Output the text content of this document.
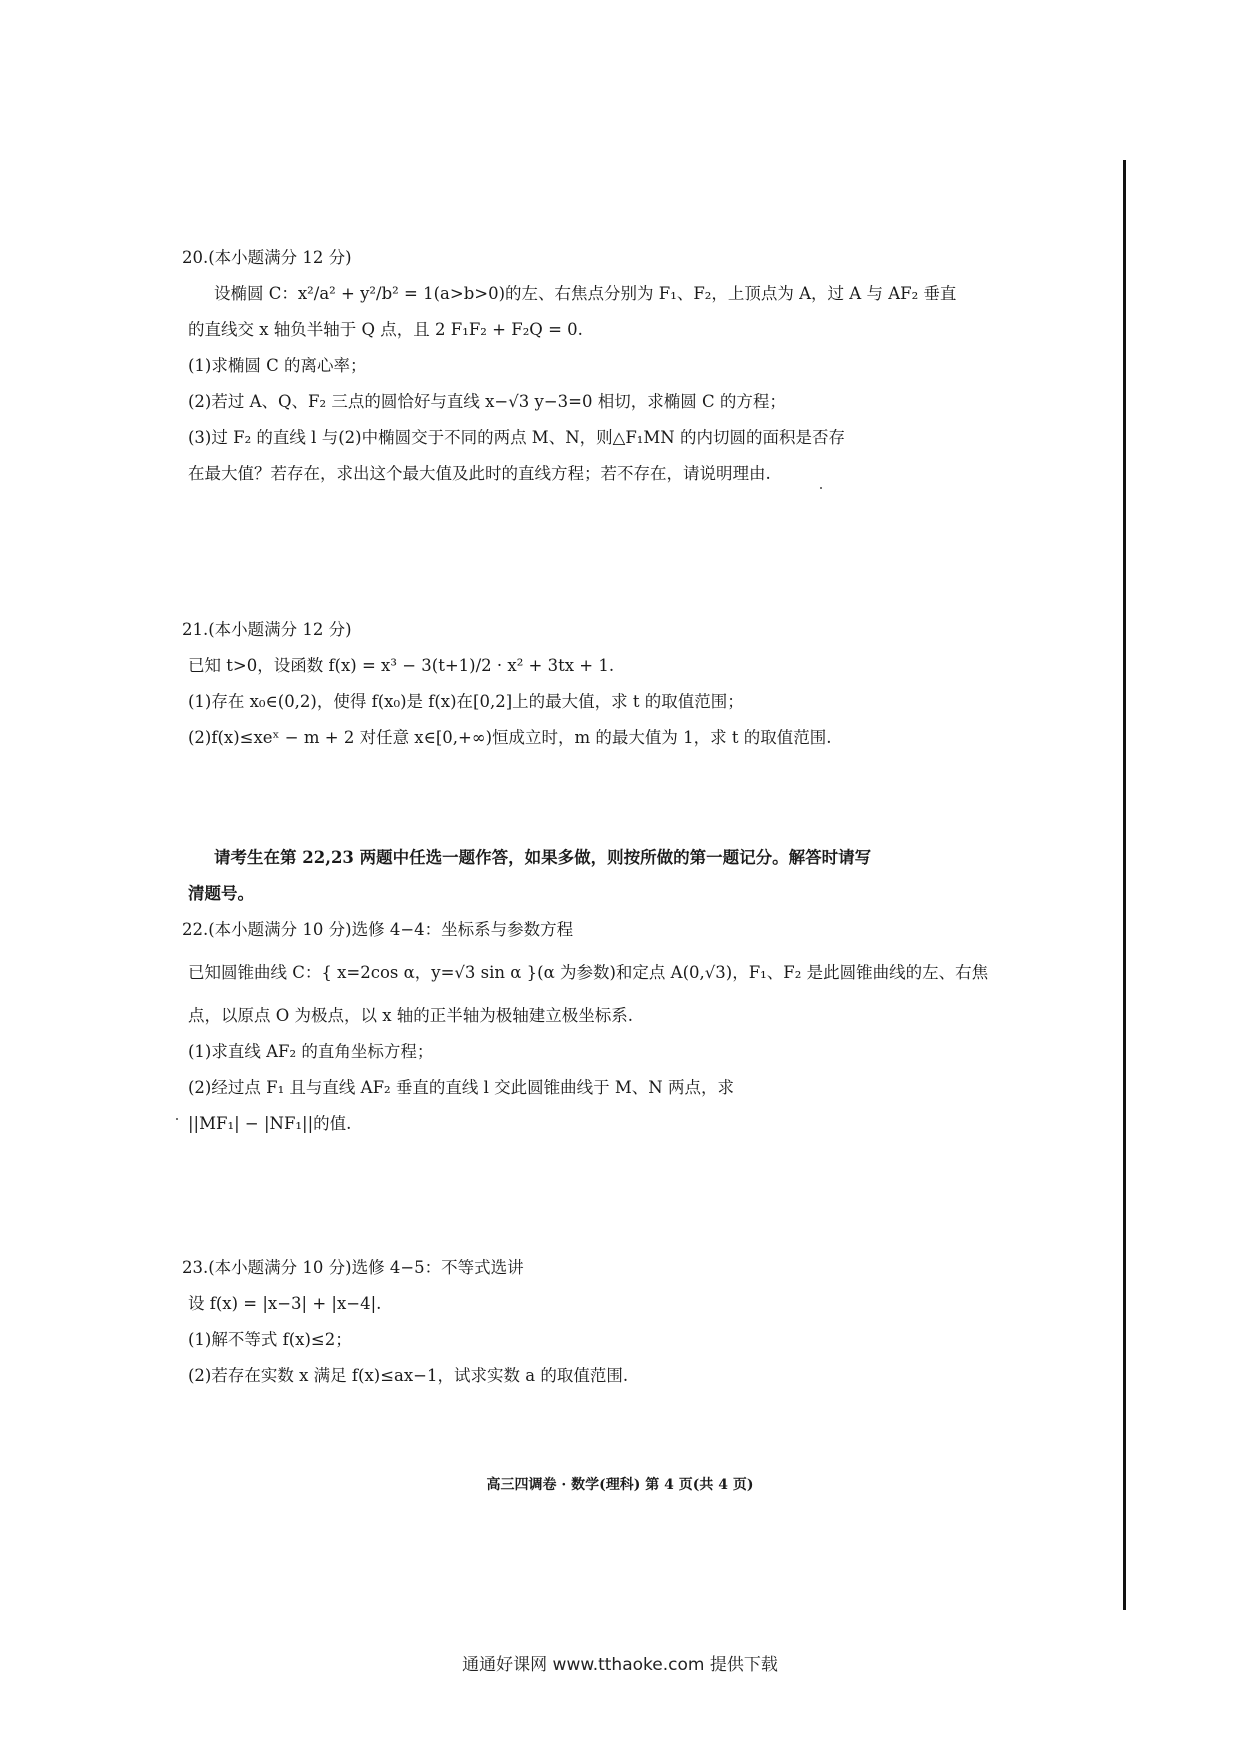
20.(本小题满分 12 分)

设椭圆 C：x²/a² + y²/b² = 1(a>b>0)的左、右焦点分别为 F₁、F₂，上顶点为 A，过 A 与 AF₂ 垂直

的直线交 x 轴负半轴于 Q 点，且 2 F₁F₂ + F₂Q = 0.

(1)求椭圆 C 的离心率；

(2)若过 A、Q、F₂ 三点的圆恰好与直线 x−√3 y−3=0 相切，求椭圆 C 的方程；

(3)过 F₂ 的直线 l 与(2)中椭圆交于不同的两点 M、N，则△F₁MN 的内切圆的面积是否存

在最大值？若存在，求出这个最大值及此时的直线方程；若不存在，请说明理由.

21.(本小题满分 12 分)

已知 t>0，设函数 f(x) = x³ − 3(t+1)/2 · x² + 3tx + 1.

(1)存在 x₀∈(0,2)，使得 f(x₀)是 f(x)在[0,2]上的最大值，求 t 的取值范围；

(2)f(x)≤xeˣ − m + 2 对任意 x∈[0,+∞)恒成立时，m 的最大值为 1，求 t 的取值范围.

请考生在第 22,23 两题中任选一题作答，如果多做，则按所做的第一题记分。解答时请写

清题号。

22.(本小题满分 10 分)选修 4−4：坐标系与参数方程

已知圆锥曲线 C：{ x=2cos α，y=√3 sin α }(α 为参数)和定点 A(0,√3)，F₁、F₂ 是此圆锥曲线的左、右焦

点，以原点 O 为极点，以 x 轴的正半轴为极轴建立极坐标系.

(1)求直线 AF₂ 的直角坐标方程；

(2)经过点 F₁ 且与直线 AF₂ 垂直的直线 l 交此圆锥曲线于 M、N 两点，求

||MF₁| − |NF₁||的值.

23.(本小题满分 10 分)选修 4−5：不等式选讲

设 f(x) = |x−3| + |x−4|.

(1)解不等式 f(x)≤2；

(2)若存在实数 x 满足 f(x)≤ax−1，试求实数 a 的取值范围.

高三四调卷 · 数学(理科) 第 4 页(共 4 页)
通通好课网 www.tthaoke.com 提供下载
